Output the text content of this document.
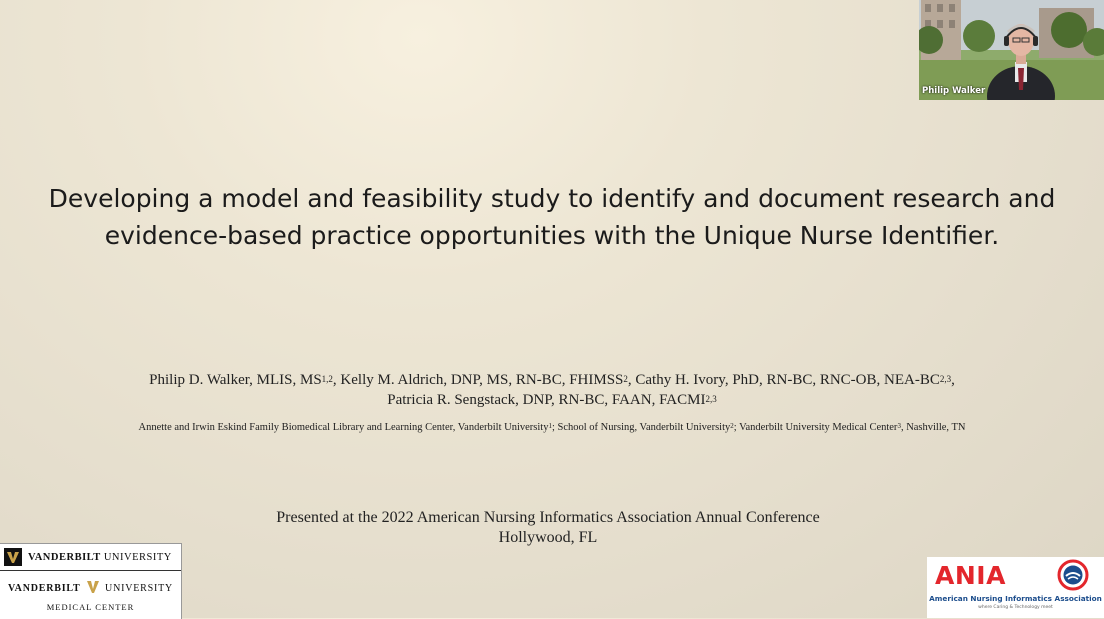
Developing a model and feasibility study to identify and document research and
evidence-based practice opportunities with the Unique Nurse Identifier.
Philip D. Walker, MLIS, MS$^{1,2}$, Kelly M. Aldrich, DNP, MS, RN-BC, FHIMSS$^2$, Cathy H. Ivory, PhD, RN-BC, RNC-OB, NEA-BC$^{2,3}$,
Patricia R. Sengstack, DNP, RN-BC, FAAN, FACMI$^{2,3}$
Annette and Irwin Eskind Family Biomedical Library and Learning Center, Vanderbilt University$^1$; School of Nursing, Vanderbilt University$^2$; Vanderbilt University Medical Center$^3$, Nashville, TN
Presented at the 2022 American Nursing Informatics Association Annual Conference
Hollywood, FL
VANDERBILT UNIVERSITY
VANDERBILT UNIVERSITY
MEDICAL CENTER
ANIA
American Nursing Informatics Association
where Caring & Technology meet
Philip Walker
